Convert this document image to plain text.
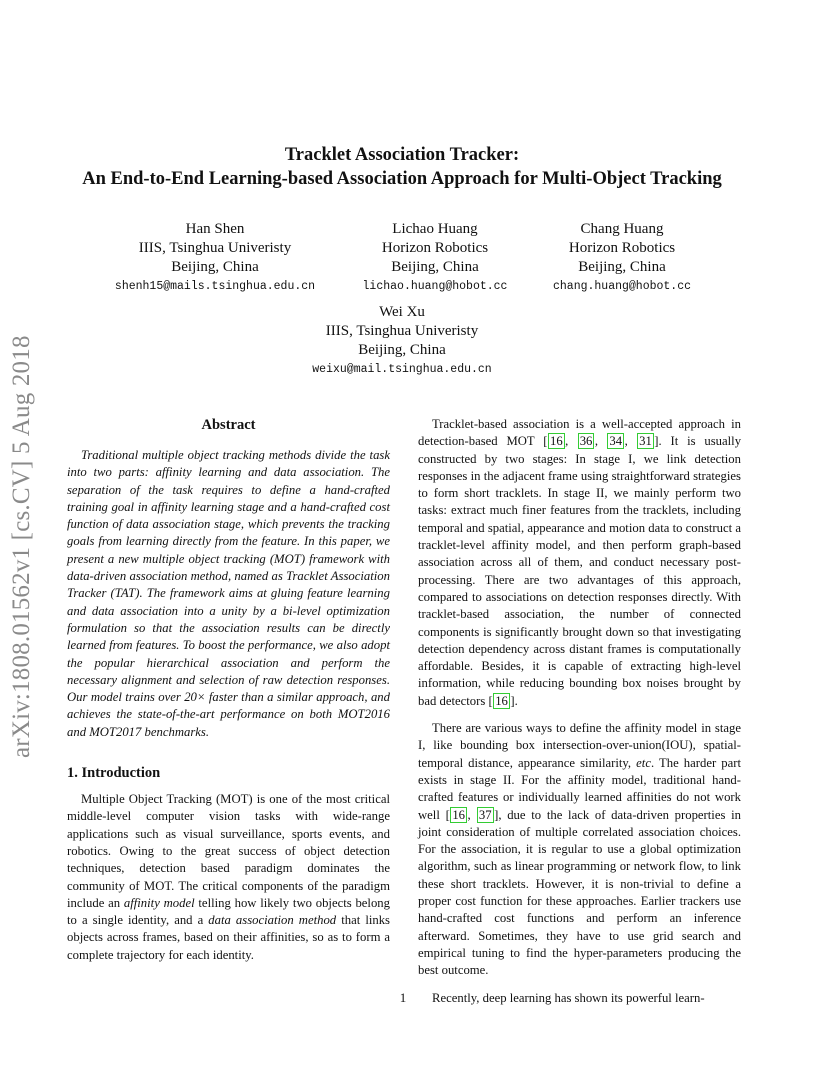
arXiv:1808.01562v1 [cs.CV] 5 Aug 2018
Tracklet Association Tracker:
An End-to-End Learning-based Association Approach for Multi-Object Tracking
Han Shen
IIIS, Tsinghua Univeristy
Beijing, China
shenh15@mails.tsinghua.edu.cn
Lichao Huang
Horizon Robotics
Beijing, China
lichao.huang@hobot.cc
Chang Huang
Horizon Robotics
Beijing, China
chang.huang@hobot.cc
Wei Xu
IIIS, Tsinghua Univeristy
Beijing, China
weixu@mail.tsinghua.edu.cn
Abstract

Traditional multiple object tracking methods divide the task into two parts: affinity learning and data association. The separation of the task requires to define a hand-crafted training goal in affinity learning stage and a hand-crafted cost function of data association stage, which prevents the tracking goals from learning directly from the feature. In this paper, we present a new multiple object tracking (MOT) framework with data-driven association method, named as Tracklet Association Tracker (TAT). The framework aims at gluing feature learning and data association into a unity by a bi-level optimization formulation so that the association results can be directly learned from features. To boost the performance, we also adopt the popular hierarchical association and perform the necessary alignment and selection of raw detection responses. Our model trains over 20× faster than a similar approach, and achieves the state-of-the-art performance on both MOT2016 and MOT2017 benchmarks.

1. Introduction

Multiple Object Tracking (MOT) is one of the most critical middle-level computer vision tasks with wide-range applications such as visual surveillance, sports events, and robotics. Owing to the great success of object detection techniques, detection based paradigm dominates the community of MOT. The critical components of the paradigm include an affinity model telling how likely two objects belong to a single identity, and a data association method that links objects across frames, based on their affinities, so as to form a complete trajectory for each identity.

Tracklet-based association is a well-accepted approach in detection-based MOT [ 16 , 36 , 34 , 31 ]. It is usually constructed by two stages: In stage I, we link detection responses in the adjacent frame using straightforward strategies to form short tracklets. In stage II, we mainly perform two tasks: extract much finer features from the tracklets, including temporal and spatial, appearance and motion data to construct a tracklet-level affinity model, and then perform graph-based association across all of them, and conduct necessary post-processing. There are two advantages of this approach, compared to associations on detection responses directly. With tracklet-based association, the number of connected components is significantly brought down so that investigating detection dependency across distant frames is computationally affordable. Besides, it is capable of extracting high-level information, while reducing bounding box noises brought by bad detectors [ 16 ].

There are various ways to define the affinity model in stage I, like bounding box intersection-over-union(IOU), spatial-temporal distance, appearance similarity, etc. The harder part exists in stage II. For the affinity model, traditional hand-crafted features or individually learned affinities do not work well [ 16 , 37 ], due to the lack of data-driven properties in joint consideration of multiple correlated association choices. For the association, it is regular to use a global optimization algorithm, such as linear programming or network flow, to link these short tracklets. However, it is non-trivial to define a proper cost function for these approaches. Earlier trackers use hand-crafted cost functions and perform an inference afterward. Sometimes, they have to use grid search and empirical tuning to find the hyper-parameters producing the best outcome.

Recently, deep learning has shown its powerful learn-

1
